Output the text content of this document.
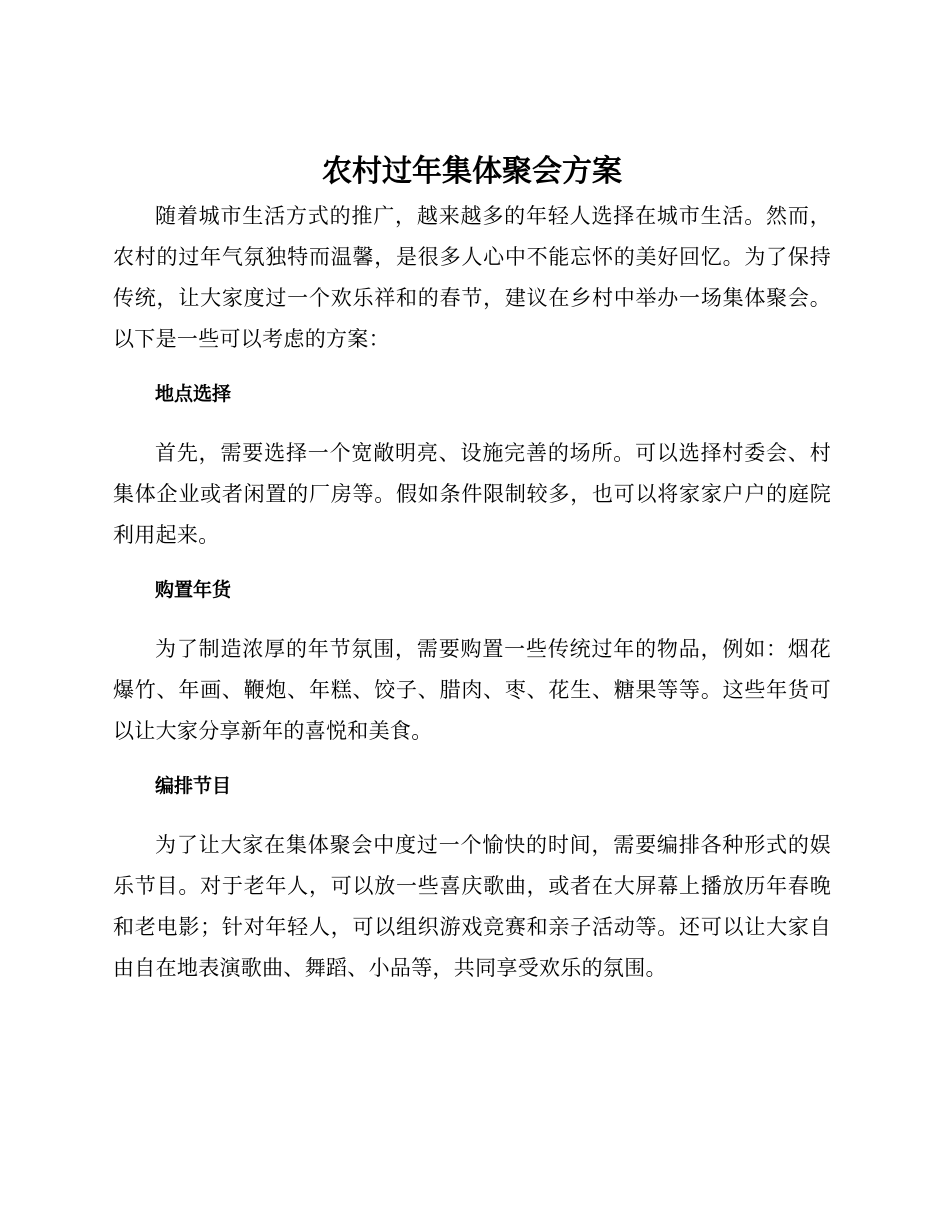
农村过年集体聚会方案

随着城市生活方式的推广，越来越多的年轻人选择在城市生活。然而，农村的过年气氛独特而温馨，是很多人心中不能忘怀的美好回忆。为了保持传统，让大家度过一个欢乐祥和的春节，建议在乡村中举办一场集体聚会。以下是一些可以考虑的方案：

地点选择

首先，需要选择一个宽敞明亮、设施完善的场所。可以选择村委会、村集体企业或者闲置的厂房等。假如条件限制较多，也可以将家家户户的庭院利用起来。

购置年货

为了制造浓厚的年节氛围，需要购置一些传统过年的物品，例如：烟花爆竹、年画、鞭炮、年糕、饺子、腊肉、枣、花生、糖果等等。这些年货可以让大家分享新年的喜悦和美食。

编排节目

为了让大家在集体聚会中度过一个愉快的时间，需要编排各种形式的娱乐节目。对于老年人，可以放一些喜庆歌曲，或者在大屏幕上播放历年春晚和老电影；针对年轻人，可以组织游戏竞赛和亲子活动等。还可以让大家自由自在地表演歌曲、舞蹈、小品等，共同享受欢乐的氛围。
